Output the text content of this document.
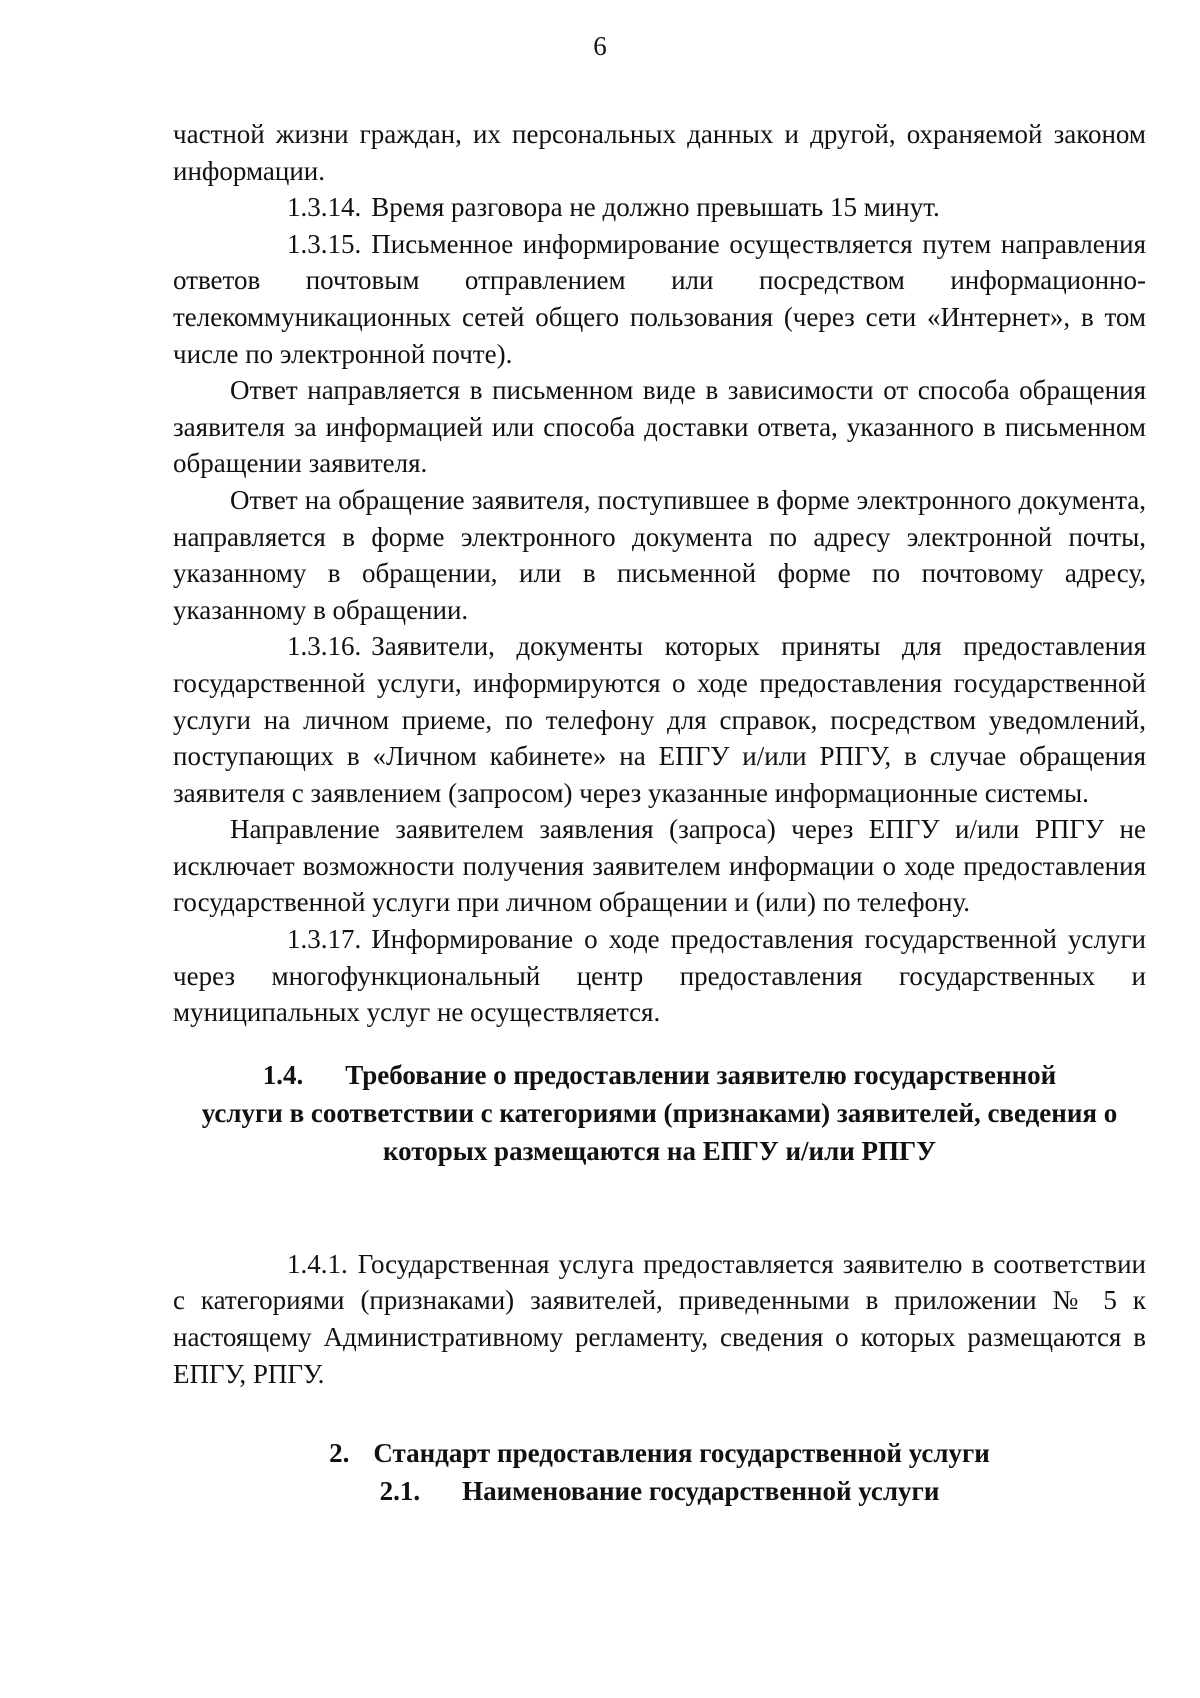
6

частной жизни граждан, их персональных данных и другой, охраняемой законом информации.

1.3.14. Время разговора не должно превышать 15 минут.

1.3.15. Письменное информирование осуществляется путем направления ответов почтовым отправлением или посредством информационно-телекоммуникационных сетей общего пользования (через сети «Интернет», в том числе по электронной почте).

Ответ направляется в письменном виде в зависимости от способа обращения заявителя за информацией или способа доставки ответа, указанного в письменном обращении заявителя.

Ответ на обращение заявителя, поступившее в форме электронного документа, направляется в форме электронного документа по адресу электронной почты, указанному в обращении, или в письменной форме по почтовому адресу, указанному в обращении.

1.3.16. Заявители, документы которых приняты для предоставления государственной услуги, информируются о ходе предоставления государственной услуги на личном приеме, по телефону для справок, посредством уведомлений, поступающих в «Личном кабинете» на ЕПГУ и/или РПГУ, в случае обращения заявителя с заявлением (запросом) через указанные информационные системы.

Направление заявителем заявления (запроса) через ЕПГУ и/или РПГУ не исключает возможности получения заявителем информации о ходе предоставления государственной услуги при личном обращении и (или) по телефону.

1.3.17. Информирование о ходе предоставления государственной услуги через многофункциональный центр предоставления государственных и муниципальных услуг не осуществляется.

1.4. Требование о предоставлении заявителю государственной
услуги в соответствии с категориями (признаками) заявителей, сведения о
которых размещаются на ЕПГУ и/или РПГУ

1.4.1. Государственная услуга предоставляется заявителю в соответствии с категориями (признаками) заявителей, приведенными в приложении № 5 к настоящему Административному регламенту, сведения о которых размещаются в ЕПГУ, РПГУ.

2. Стандарт предоставления государственной услуги
2.1. Наименование государственной услуги
